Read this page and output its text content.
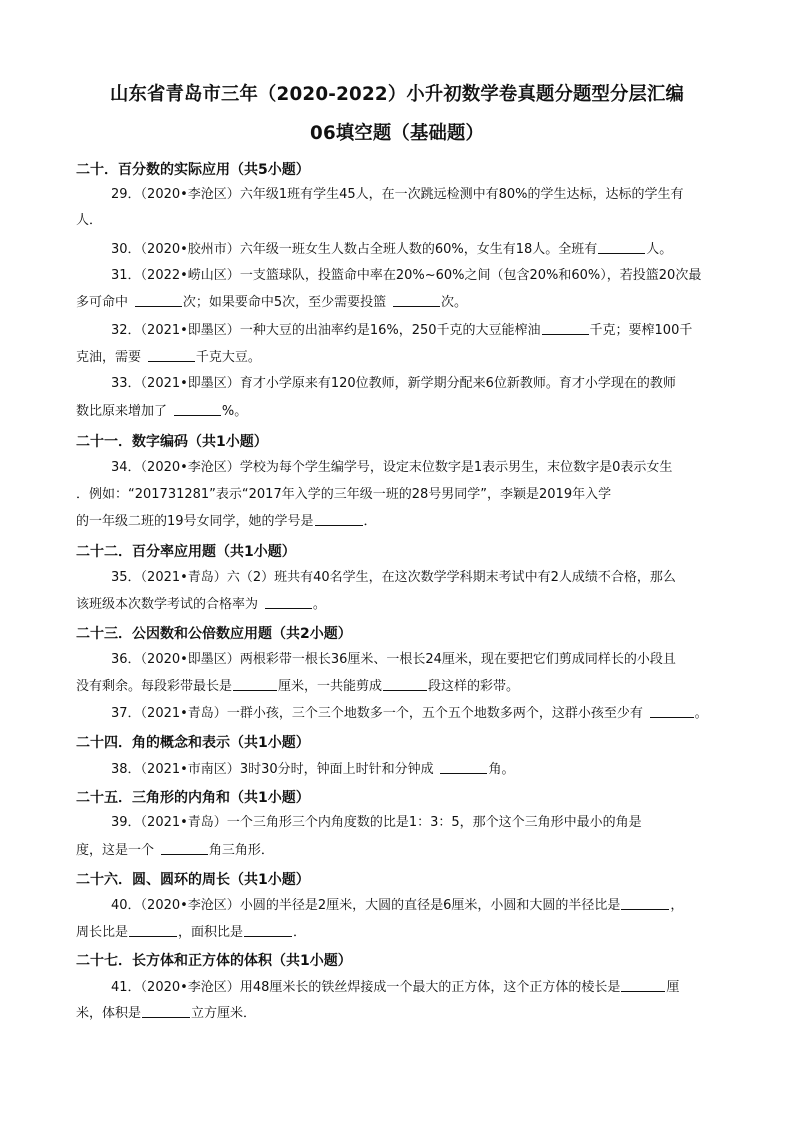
山东省青岛市三年（2020-2022）小升初数学卷真题分题型分层汇编
06填空题（基础题）
二十．百分数的实际应用（共5小题）
29．（2020•李沧区）六年级1班有学生45人，在一次跳远检测中有80%的学生达标，达标的学生有
人．
30．（2020•胶州市）六年级一班女生人数占全班人数的60%，女生有18人。全班有	人。
31．（2022•崂山区）一支篮球队，投篮命中率在20%~60%之间（包含20%和60%），若投篮20次最
多可命中	次；如果要命中5次，至少需要投篮	次。
32．（2021•即墨区）一种大豆的出油率约是16%，250千克的大豆能榨油	千克；要榨100千
克油，需要	千克大豆。
33．（2021•即墨区）育才小学原来有120位教师，新学期分配来6位新教师。育才小学现在的教师
数比原来增加了	%。
二十一．数字编码（共1小题）
34．（2020•李沧区）学校为每个学生编学号，设定末位数字是1表示男生，末位数字是0表示女生
．例如：“201731281”表示“2017年入学的三年级一班的28号男同学”，李颖是2019年入学
的一年级二班的19号女同学，她的学号是	．
二十二．百分率应用题（共1小题）
35．（2021•青岛）六（2）班共有40名学生，在这次数学学科期末考试中有2人成绩不合格，那么
该班级本次数学考试的合格率为	。
二十三．公因数和公倍数应用题（共2小题）
36．（2020•即墨区）两根彩带一根长36厘米、一根长24厘米，现在要把它们剪成同样长的小段且
没有剩余。每段彩带最长是	厘米，一共能剪成	段这样的彩带。
37．（2021•青岛）一群小孩，三个三个地数多一个，五个五个地数多两个，这群小孩至少有	。
二十四．角的概念和表示（共1小题）
38．（2021•市南区）3时30分时，钟面上时针和分钟成	角。
二十五．三角形的内角和（共1小题）
39．（2021•青岛）一个三角形三个内角度数的比是1：3：5，那个这个三角形中最小的角是
度，这是一个	角三角形．
二十六．圆、圆环的周长（共1小题）
40．（2020•李沧区）小圆的半径是2厘米，大圆的直径是6厘米，小圆和大圆的半径比是	，
周长比是	，面积比是	．
二十七．长方体和正方体的体积（共1小题）
41．（2020•李沧区）用48厘米长的铁丝焊接成一个最大的正方体，这个正方体的棱长是	厘
米，体积是	立方厘米．
